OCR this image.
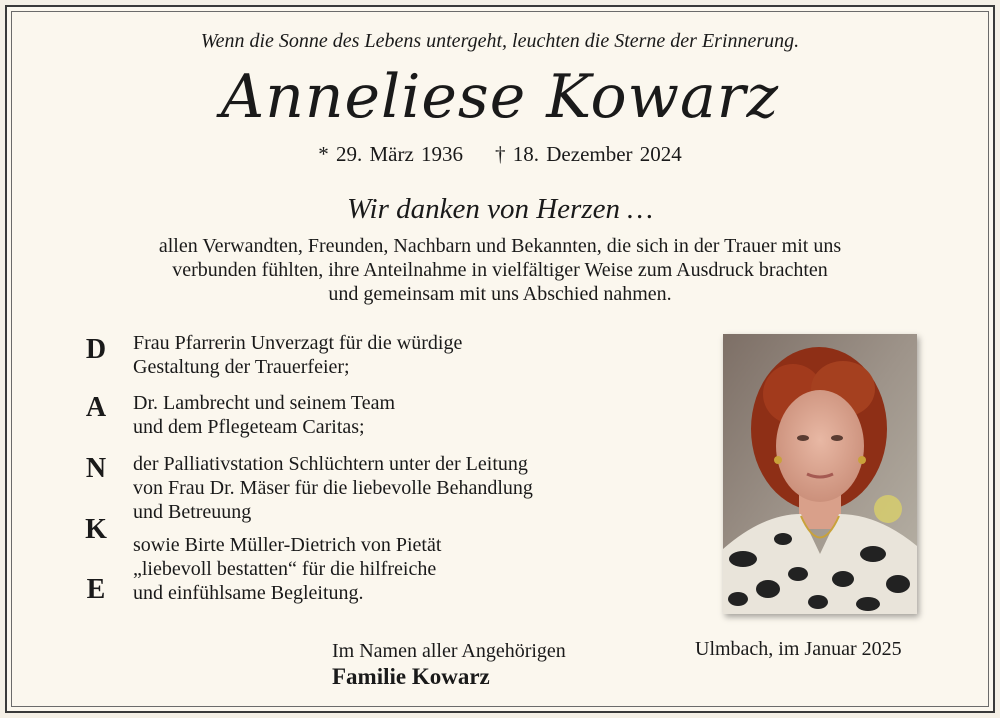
Wenn die Sonne des Lebens untergeht, leuchten die Sterne der Erinnerung.
Anneliese Kowarz
* 29. März 1936 † 18. Dezember 2024
Wir danken von Herzen …
allen Verwandten, Freunden, Nachbarn und Bekannten, die sich in der Trauer mit uns
verbunden fühlten, ihre Anteilnahme in vielfältiger Weise zum Ausdruck brachten
und gemeinsam mit uns Abschied nahmen.
D
A
N
K
E
Frau Pfarrerin Unverzagt für die würdige
Gestaltung der Trauerfeier;
Dr. Lambrecht und seinem Team
und dem Pflegeteam Caritas;
der Palliativstation Schlüchtern unter der Leitung
von Frau Dr. Mäser für die liebevolle Behandlung
und Betreuung
sowie Birte Müller-Dietrich von Pietät
„liebevoll bestatten“ für die hilfreiche
und einfühlsame Begleitung.
Im Namen aller Angehörigen
Familie Kowarz
Ulmbach, im Januar 2025
